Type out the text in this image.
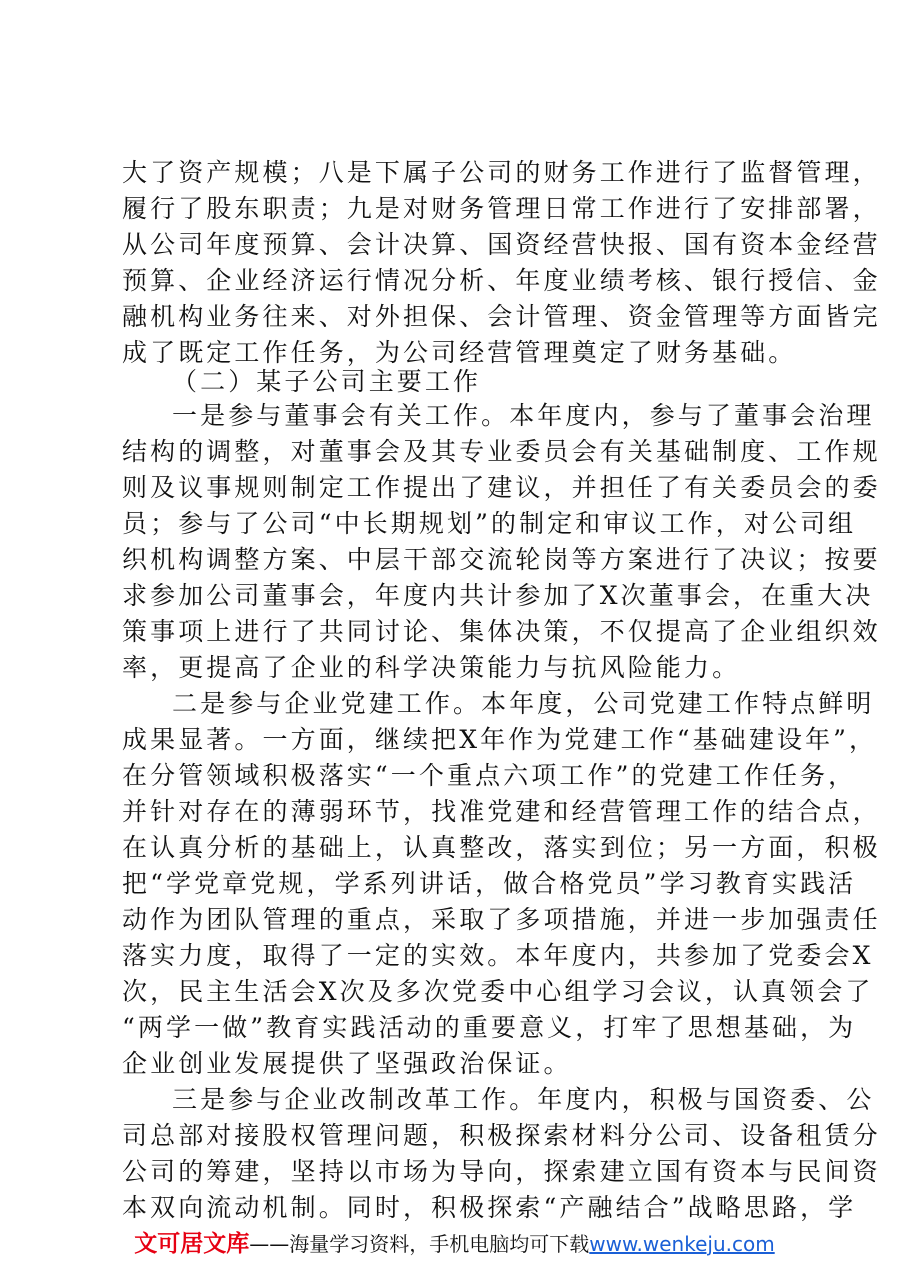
大了资产规模；八是下属子公司的财务工作进行了监督管理，
履行了股东职责；九是对财务管理日常工作进行了安排部署，
从公司年度预算、会计决算、国资经营快报、国有资本金经营
预算、企业经济运行情况分析、年度业绩考核、银行授信、金
融机构业务往来、对外担保、会计管理、资金管理等方面皆完
成了既定工作任务，为公司经营管理奠定了财务基础。
（二）某子公司主要工作
一是参与董事会有关工作。本年度内，参与了董事会治理
结构的调整，对董事会及其专业委员会有关基础制度、工作规
则及议事规则制定工作提出了建议，并担任了有关委员会的委
员；参与了公司“中长期规划”的制定和审议工作，对公司组
织机构调整方案、中层干部交流轮岗等方案进行了决议；按要
求参加公司董事会，年度内共计参加了X次董事会，在重大决
策事项上进行了共同讨论、集体决策，不仅提高了企业组织效
率，更提高了企业的科学决策能力与抗风险能力。
二是参与企业党建工作。本年度，公司党建工作特点鲜明
成果显著。一方面，继续把X年作为党建工作“基础建设年”，
在分管领域积极落实“一个重点六项工作”的党建工作任务，
并针对存在的薄弱环节，找准党建和经营管理工作的结合点，
在认真分析的基础上，认真整改，落实到位；另一方面，积极
把“学党章党规，学系列讲话，做合格党员”学习教育实践活
动作为团队管理的重点，采取了多项措施，并进一步加强责任
落实力度，取得了一定的实效。本年度内，共参加了党委会X
次，民主生活会X次及多次党委中心组学习会议，认真领会了
“两学一做”教育实践活动的重要意义，打牢了思想基础，为
企业创业发展提供了坚强政治保证。
三是参与企业改制改革工作。年度内，积极与国资委、公
司总部对接股权管理问题，积极探索材料分公司、设备租赁分
公司的筹建，坚持以市场为导向，探索建立国有资本与民间资
本双向流动机制。同时，积极探索“产融结合”战略思路，学
文可居文库——海量学习资料，手机电脑均可下载www.wenkeju.com
